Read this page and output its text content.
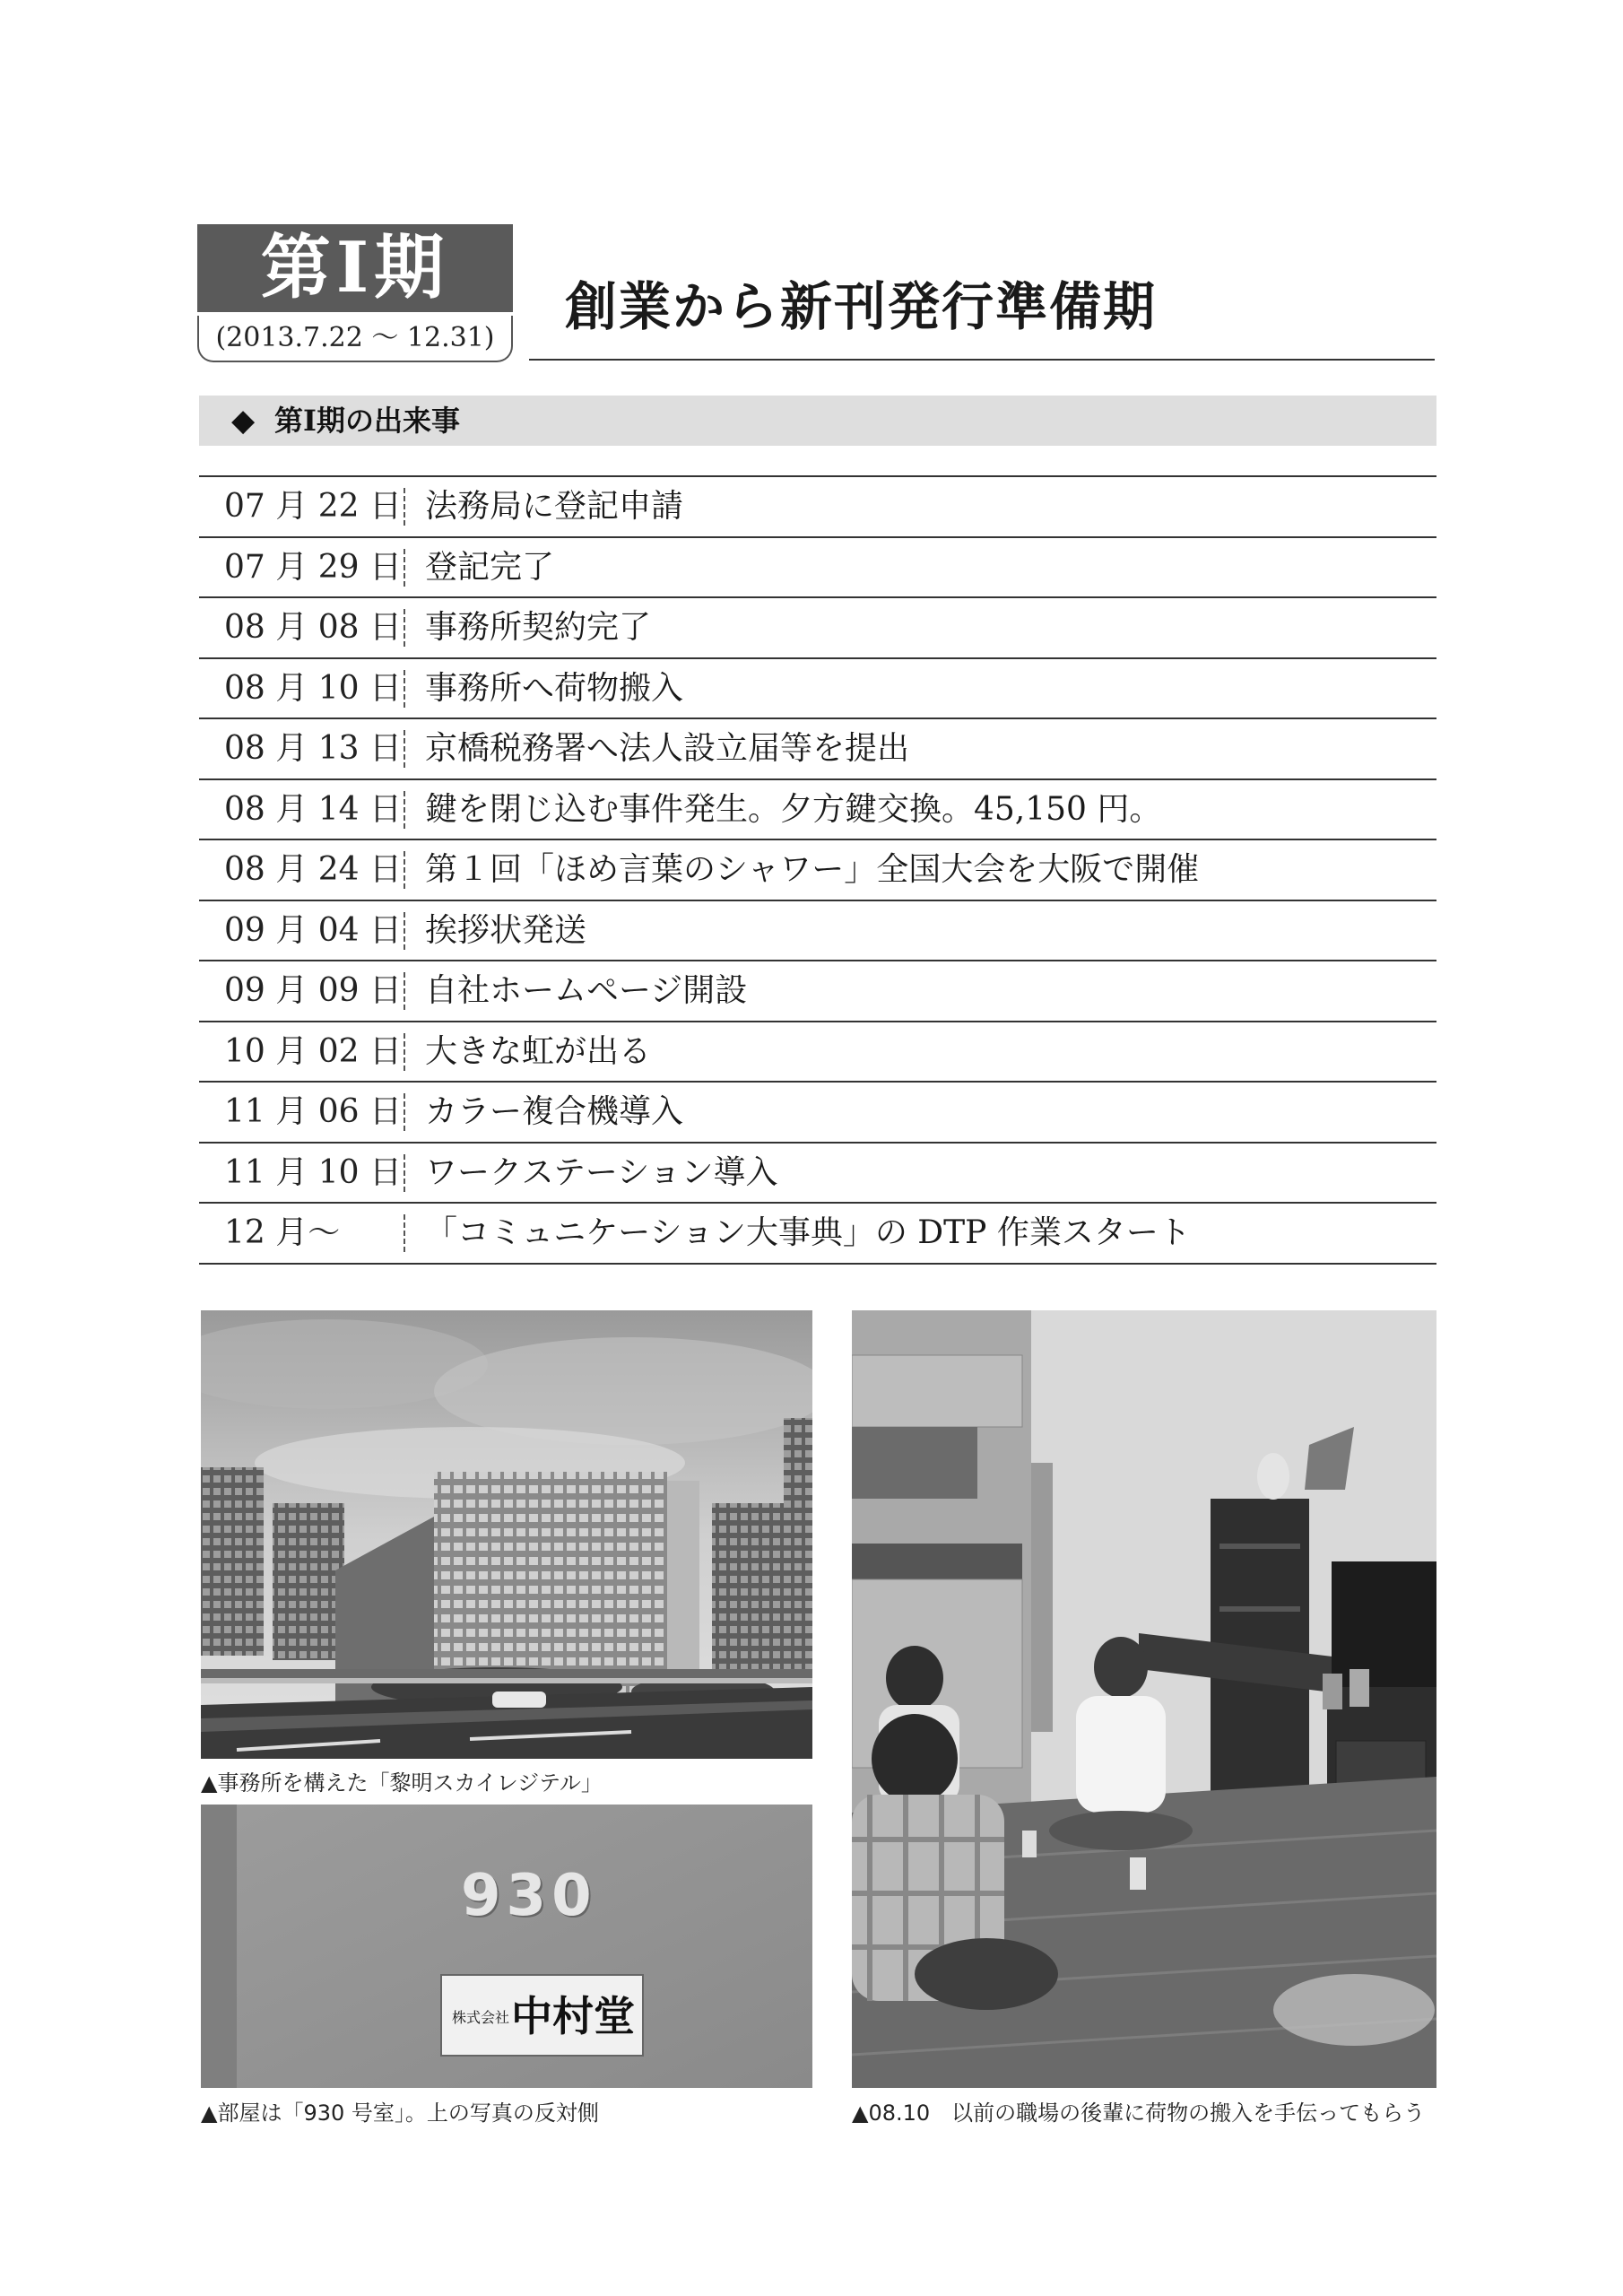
第Ⅰ期
(2013.7.22 ～ 12.31)
創業から新刊発行準備期
◆ 第Ⅰ期の出来事
07 月 22 日 法務局に登記申請
07 月 29 日 登記完了
08 月 08 日 事務所契約完了
08 月 10 日 事務所へ荷物搬入
08 月 13 日 京橋税務署へ法人設立届等を提出
08 月 14 日 鍵を閉じ込む事件発生。夕方鍵交換。45,150 円。
08 月 24 日 第１回「ほめ言葉のシャワー」全国大会を大阪で開催
09 月 04 日 挨拶状発送
09 月 09 日 自社ホームページ開設
10 月 02 日 大きな虹が出る
11 月 06 日 カラー複合機導入
11 月 10 日 ワークステーション導入
12 月～	「コミュニケーション大事典」の DTP 作業スタート
▲事務所を構えた「黎明スカイレジテル」
930
株式会社 中村堂
▲部屋は「930 号室」。上の写真の反対側	▲08.10　以前の職場の後輩に荷物の搬入を手伝ってもらう
